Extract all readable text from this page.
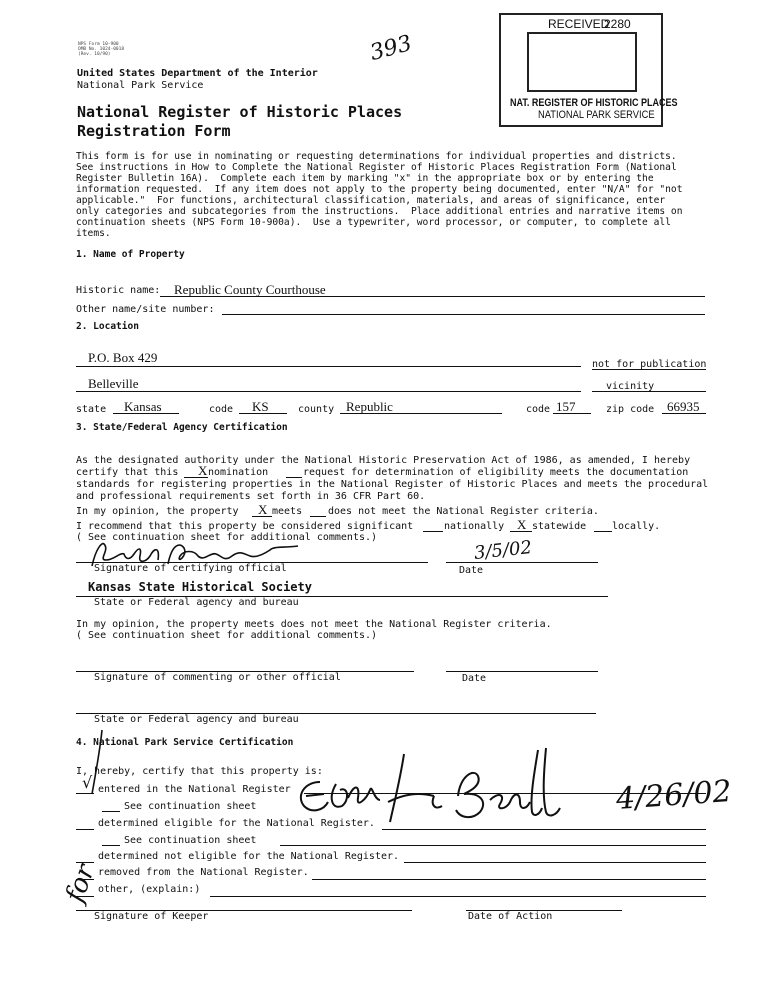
NPS Form 10-900
OMB No. 1024-0018
(Rev. 10/90)	393
United States Department of the Interior
National Park Service
National Register of Historic Places
Registration Form
RECEIVED
2280
NAT. REGISTER OF HISTORIC PLACES
NATIONAL PARK SERVICE
This form is for use in nominating or requesting determinations for individual properties and districts.
See instructions in How to Complete the National Register of Historic Places Registration Form (National
Register Bulletin 16A).  Complete each item by marking "x" in the appropriate box or by entering the
information requested.  If any item does not apply to the property being documented, enter "N/A" for "not
applicable."  For functions, architectural classification, materials, and areas of significance, enter
only categories and subcategories from the instructions.  Place additional entries and narrative items on
continuation sheets (NPS Form 10-900a).  Use a typewriter, word processor, or computer, to complete all
items.
1. Name of Property
Historic name: Republic County Courthouse
Other name/site number:
2. Location
P.O. Box 429	not for publication
Belleville	vicinity
state Kansas	code KS	county Republic	code 157	zip code 66935
3. State/Federal Agency Certification
As the designated authority under the National Historic Preservation Act of 1986, as amended, I hereby
certify that this X nomination	request for determination of eligibility meets the documentation
standards for registering properties in the National Register of Historic Places and meets the procedural
and professional requirements set forth in 36 CFR Part 60.
In my opinion, the property X meets	does not meet the National Register criteria.
I recommend that this property be considered significant	nationally X statewide	locally.
( See continuation sheet for additional comments.)	3/5/02
Signature of certifying official	Date
Kansas State Historical Society
State or Federal agency and bureau
In my opinion, the property meets does not meet the National Register criteria.
( See continuation sheet for additional comments.)
Signature of commenting or other official	Date
State or Federal agency and bureau
4. National Park Service Certification
I, hereby, certify that this property is:
√ entered in the National Register
See continuation sheet
determined eligible for the National Register.
See continuation sheet
determined not eligible for the National Register.
removed from the National Register.
other, (explain:)
Signature of Keeper	Date of Action
4/26/02
for
